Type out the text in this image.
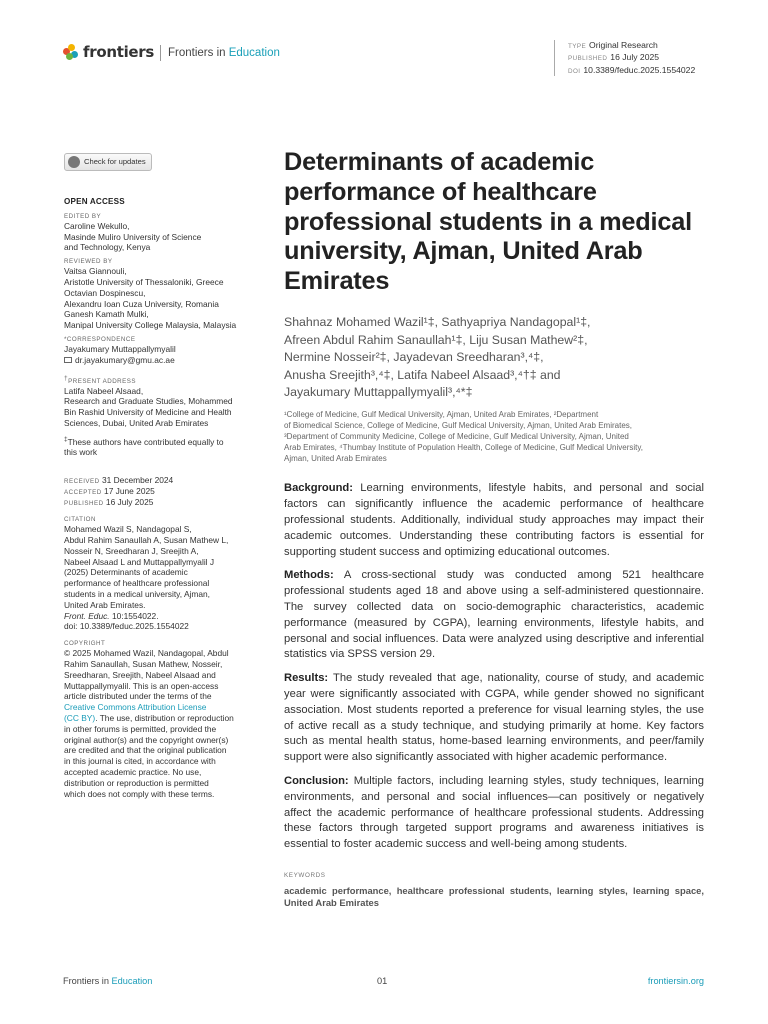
frontiers	Frontiers in Education
TYPE Original Research
PUBLISHED 16 July 2025
DOI 10.3389/feduc.2025.1554022
Check for updates
OPEN ACCESS
EDITED BY
Caroline Wekullo,
Masinde Muliro University of Science
and Technology, Kenya
REVIEWED BY
Vaitsa Giannouli,
Aristotle University of Thessaloniki, Greece
Octavian Dospinescu,
Alexandru Ioan Cuza University, Romania
Ganesh Kamath Mulki,
Manipal University College Malaysia, Malaysia
*CORRESPONDENCE
Jayakumary Muttappallymyalil
dr.jayakumary@gmu.ac.ae
†PRESENT ADDRESS
Latifa Nabeel Alsaad,
Research and Graduate Studies, Mohammed
Bin Rashid University of Medicine and Health
Sciences, Dubai, United Arab Emirates
‡These authors have contributed equally to
this work
RECEIVED 31 December 2024
ACCEPTED 17 June 2025
PUBLISHED 16 July 2025
CITATION
Mohamed Wazil S, Nandagopal S,
Abdul Rahim Sanaullah A, Susan Mathew L,
Nosseir N, Sreedharan J, Sreejith A,
Nabeel Alsaad L and Muttappallymyalil J
(2025) Determinants of academic
performance of healthcare professional
students in a medical university, Ajman,
United Arab Emirates.
Front. Educ. 10:1554022.
doi: 10.3389/feduc.2025.1554022
COPYRIGHT
© 2025 Mohamed Wazil, Nandagopal, Abdul
Rahim Sanaullah, Susan Mathew, Nosseir,
Sreedharan, Sreejith, Nabeel Alsaad and
Muttappallymyalil. This is an open-access
article distributed under the terms of the
Creative Commons Attribution License
(CC BY). The use, distribution or reproduction
in other forums is permitted, provided the
original author(s) and the copyright owner(s)
are credited and that the original publication
in this journal is cited, in accordance with
accepted academic practice. No use,
distribution or reproduction is permitted
which does not comply with these terms.
Determinants of academic performance of healthcare professional students in a medical university, Ajman, United Arab Emirates
Shahnaz Mohamed Wazil¹‡, Sathyapriya Nandagopal¹‡,
Afreen Abdul Rahim Sanaullah¹‡, Liju Susan Mathew²‡,
Nermine Nosseir²‡, Jayadevan Sreedharan³,⁴‡,
Anusha Sreejith³,⁴‡, Latifa Nabeel Alsaad³,⁴†‡ and
Jayakumary Muttappallymyalil³,⁴*‡
¹College of Medicine, Gulf Medical University, Ajman, United Arab Emirates, ²Department
of Biomedical Science, College of Medicine, Gulf Medical University, Ajman, United Arab Emirates,
³Department of Community Medicine, College of Medicine, Gulf Medical University, Ajman, United
Arab Emirates, ⁴Thumbay Institute of Population Health, College of Medicine, Gulf Medical University,
Ajman, United Arab Emirates

Background: Learning environments, lifestyle habits, and personal and social factors can significantly influence the academic performance of healthcare professional students. Additionally, individual study approaches may impact their academic outcomes. Understanding these contributing factors is essential for supporting student success and optimizing educational outcomes.

Methods: A cross-sectional study was conducted among 521 healthcare professional students aged 18 and above using a self-administered questionnaire. The survey collected data on socio-demographic characteristics, academic performance (measured by CGPA), learning environments, lifestyle habits, and personal and social influences. Data were analyzed using descriptive and inferential statistics via SPSS version 29.

Results: The study revealed that age, nationality, course of study, and academic year were significantly associated with CGPA, while gender showed no significant association. Most students reported a preference for visual learning styles, the use of active recall as a study technique, and studying primarily at home. Key factors such as mental health status, home-based learning environments, and peer/family support were also significantly associated with higher academic performance.

Conclusion: Multiple factors, including learning styles, study techniques, learning environments, and personal and social influences—can positively or negatively affect the academic performance of healthcare professional students. Addressing these factors through targeted support programs and awareness initiatives is essential to foster academic success and well-being among students.

KEYWORDS
academic performance, healthcare professional students, learning styles, learning space, United Arab Emirates
Frontiers in Education	01	frontiersin.org
